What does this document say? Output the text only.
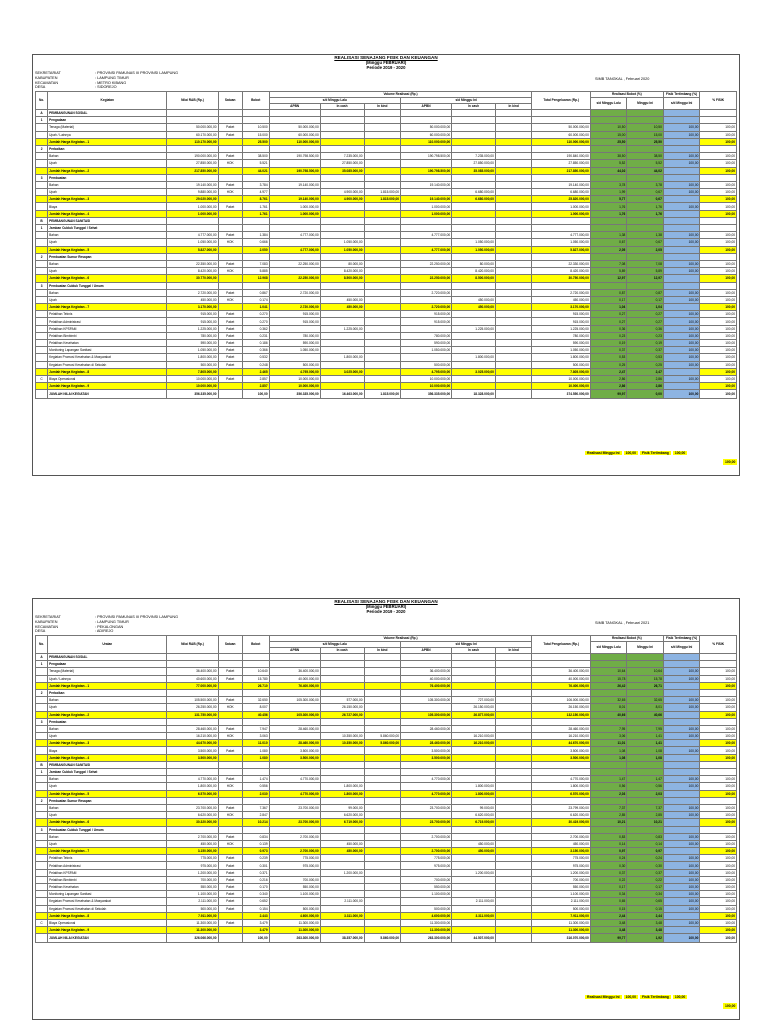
REALISASI SENAJANG FISIK DAN KEUANGAN
(Minggu FEBRUARI)
Periode 2019 - 2020
SEKRETARIAT	: PROVINSI PAMUNAS III PROVINSI LAMPUNG
KABUPATEN	: LAMPUNG TIMUR
KECAMATAN	: METRO KIBANG
DESA	: SIDOREJO
SIMB TANGKAL , Februari 2020
No.	Kegiatan	Nilai RAB (Rp.)	Satuan	Bobot	Volume Realisasi (Rp.)						Total Pengeluaran (Rp.)	Realisasi Bobot (%)		Fisik Tertimbang (%)	% FISIK
					s/d Minggu Lalu			s/d Minggu Ini				s/d Minggu Lalu	Minggu Ini	s/d Minggu Ini	
					APBN	In cash	In kind	APBN	In cash	In kind					
A	PEMBANGUNAN SOSIAL														
1	Pengadaan														
	Tenaga (Material)	50.000.000,00	Paket	10.500	50.000.000,00			50.000.000,00			50.000.000,00	10,50	10,50	100,00	100,00
	Upah / Lainnya	60.170.000,00	Paket	15.000	60.000.000,00			60.000.000,00			60.000.000,00	15,00	15,00	100,00	100,00
	Jumlah Harga Kegiatan - 1	110.170.000,00		25.500	110.000.000,00			110.000.000,00			110.000.000,00	25,50	25,50		100,00
2	Perbaikan														
	Bahan	190.000.000,00	Paket	38.500	190.798.500,00	7.235.000,00		190.798.500,00	7.235.000,00		190.840.000,00	38,50	38,50	100,00	100,00
	Upah	27.850.000,00	HOK	5.521		27.850.000,00			27.850.000,00		27.850.000,00	5,52	5,52	100,00	100,00
	Jumlah Harga Kegiatan - 2	217.850.000,00		44.021	190.798.500,00	35.085.000,00		190.798.500,00	35.085.000,00		217.850.000,00	44,02	44,02		100,00
3	Pembuatan														
	Bahan	19.140.000,00	Paket	3.784	19.140.000,00			19.140.000,00			19.140.000,00	3,78	3,78	100,00	100,00
	Upah	9.880.000,00	HOK	4.977		4.900.000,00	1.815.000,00		6.680.000,00		6.680.000,00	1,99	0,67	100,00	100,00
	Jumlah Harga Kegiatan - 3	29.020.000,00		8.761	19.140.000,00	4.900.000,00	1.815.000,00	19.140.000,00	6.680.000,00		25.820.000,00	5,77	0,67		100,00
	Biaya	1.000.000,00	Paket	1.761	1.000.000,00			1.000.000,00			1.000.000,00	1,76	1,76	100,00	100,00
	Jumlah Harga Kegiatan - 4	1.000.000,00		1.761	1.000.000,00			1.000.000,00			1.000.000,00	1,76	1,76		100,00
B	PEMBANGUNAN SANITASI														
1	Jamban Cubluk Tunggal / Sehat														
	Bahan	4.777.000,00	Paket	1.384	4.777.000,00			4.777.000,00			4.777.000,00	1,38	1,38	100,00	100,00
	Upah	1.050.000,00	HOK	0.666		1.050.000,00			1.050.000,00		1.050.000,00	0,67	0,67	100,00	100,00
	Jumlah Harga Kegiatan - 5	5.827.000,00		2.050	4.777.000,00	1.050.000,00		4.777.000,00	1.050.000,00		5.827.000,00	2,05	2,05		100,00
2	Pembuatan Sumur Resapan														
	Bahan	22.350.000,00	Paket	7.083	22.250.000,00	80.000,00		22.250.000,00	80.000,00		22.330.000,00	7,08	7,08	100,00	100,00
	Upah	8.420.000,00	HOK	5.885		8.420.000,00			8.420.000,00		8.420.000,00	5,89	5,89	100,00	100,00
	Jumlah Harga Kegiatan - 6	30.770.000,00		12.968	22.250.000,00	8.500.000,00		22.250.000,00	8.500.000,00		30.750.000,00	12,97	12,97		100,00
3	Pembuatan Cubluk Tunggal / Umum														
	Bahan	2.720.000,00	Paket	0.867	2.720.000,00			2.720.000,00			2.720.000,00	0,87	0,87	100,00	100,00
	Upah	450.000,00	HOK	0.174		450.000,00			450.000,00		450.000,00	0,17	0,17	100,00	100,00
	Jumlah Harga Kegiatan - 7	3.170.000,00		1.041	2.720.000,00	450.000,00		2.720.000,00	450.000,00		3.170.000,00	1,04	1,04		100,00
	Pelatihan Teknis	915.000,00	Paket	0.270	915.000,00			915.000,00			915.000,00	0,27	0,27	100,00	100,00
	Pelatihan Administrasi	915.000,00	Paket	0.270	915.000,00			915.000,00			915.000,00	0,27	0,27	100,00	100,00
	Pelatihan KPSPAM	1.225.000,00	Paket	0.362		1.225.000,00			1.225.000,00		1.225.000,00	0,36	0,36	100,00	100,00
	Pelatihan Bimbimbi	780.000,00	Paket	0.231	780.000,00			780.000,00			780.000,00	0,23	0,23	100,00	100,00
	Pelatihan Kesehatan	590.000,00	Paket	0.186	590.000,00			590.000,00			590.000,00	0,19	0,19	100,00	100,00
	Monitoring Lapangan Sanitasi	1.050.000,00	Paket	0.366	1.050.000,00			1.050.000,00			1.050.000,00	0,37	0,37	100,00	100,00
	Kegiatan Promosi Kesehatan & Masyarakat	1.800.000,00	Paket	0.532		1.800.000,00			1.800.000,00		1.800.000,00	0,53	0,53	100,00	100,00
	Kegiatan Promosi Kesehatan di Sekolah	500.000,00	Paket	0.248	500.000,00			500.000,00			500.000,00	0,25	0,25	100,00	100,00
	Jumlah Harga Kegiatan - 8	7.805.000,00		2.465	4.795.000,00	3.025.000,00		4.795.000,00	3.025.000,00		7.805.000,00	2,47	2,47		100,00
C	Biaya Operasional	10.000.000,00	Paket	2.857	10.000.000,00			10.000.000,00			10.000.000,00	2,86	2,86	100,00	100,00
	Jumlah Harga Kegiatan - 9	10.000.000,00		2.857	10.000.000,00			10.000.000,00			10.000.000,00	2,86	2,86		100,00
	JUMLAH NILAI KEGIATAN	356.335.000,00		100,00	356.335.000,00	16.463.000,00	1.815.000,00	356.335.000,00	18.328.000,00		374.550.000,00	99,97	0,00	100,00	100,00
Realisasi Minggu Ini 100,00 Fisik Tertimbang 100,00
100,00
REALISASI SENAJANG FISIK DAN KEUANGAN
(Minggu FEBRUARI)
Periode 2019 - 2020
SEKRETARIAT	: PROVINSI PAMUNAS III PROVINSI LAMPUNG
KABUPATEN	: LAMPUNG TIMUR
KECAMATAN	: PEKALONGAN
DESA	: ADIREJO
SIMB TANGKAL , Februari 2021
No.	Uraian	Nilai RAB (Rp.)	Satuan	Bobot	Volume Realisasi (Rp.)						Total Pengeluaran (Rp.)	Realisasi Bobot (%)		Fisik Tertimbang (%)	% FISIK
					s/d Minggu Lalu			s/d Minggu Ini				s/d Minggu Lalu	Minggu Ini	s/d Minggu Ini	
					APBN	In cash	In kind	APBN	In cash	In kind					
A	PEMBANGUNAN SOSIAL														
1	Pengadaan														
	Tenaga (Material)	36.400.000,00	Paket	10.640	36.400.000,00			36.400.000,00			36.400.000,00	10,64	10,64	100,00	100,00
	Upah / Lainnya	40.600.000,00	Paket	15.780	40.000.000,00			40.000.000,00			40.000.000,00	15,78	15,78	100,00	100,00
	Jumlah Harga Kegiatan - 1	77.000.000,00		26.710	76.400.000,00			76.400.000,00			76.400.000,00	26,42	26,71		100,00
2	Perbaikan														
	Bahan	105.500.000,00	Paket	32.650	105.300.000,00	577.000,00		105.300.000,00	727.000,00		106.000.000,00	32,65	32,65	100,00	100,00
	Upah	26.250.000,00	HOK	8.007		26.150.000,00			26.150.000,00		26.150.000,00	8,01	8,01	100,00	100,00
	Jumlah Harga Kegiatan - 2	131.750.000,00		40.456	105.300.000,00	26.727.000,00		105.300.000,00	26.877.000,00		132.150.000,00	40,66	40,66		100,00
3	Pembuatan														
	Bahan	28.460.000,00	Paket	7.947	28.460.000,00			28.460.000,00			28.460.000,00	7,95	7,95	100,00	100,00
	Upah	16.210.000,00	HOK	3.063		10.350.000,00	5.860.000,00		16.210.000,00		16.210.000,00	3,06	1,41	100,00	100,00
	Jumlah Harga Kegiatan - 3	44.670.000,00		11.010	28.460.000,00	10.350.000,00	5.860.000,00	28.460.000,00	16.210.000,00		44.670.000,00	11,01	1,41		100,00
	Biaya	3.500.000,00	Paket	1.080	3.500.000,00			3.500.000,00			3.500.000,00	1,08	1,08	100,00	100,00
	Jumlah Harga Kegiatan - 4	3.500.000,00		1.080	3.500.000,00			3.500.000,00			3.500.000,00	1,08	1,08		100,00
B	PEMBANGUNAN SANITASI														
1	Jamban Cubluk Tunggal / Sehat														
	Bahan	4.770.000,00	Paket	1.474	4.770.000,00			4.770.000,00			4.770.000,00	1,47	1,47	100,00	100,00
	Upah	1.800.000,00	HOK	0.556		1.800.000,00			1.800.000,00		1.800.000,00	0,56	0,56	100,00	100,00
	Jumlah Harga Kegiatan - 5	6.570.000,00		2.030	4.770.000,00	1.800.000,00		4.770.000,00	1.800.000,00		6.570.000,00	2,03	2,03		100,00
2	Pembuatan Sumur Resapan														
	Bahan	23.700.000,00	Paket	7.367	23.700.000,00	99.000,00		23.700.000,00	99.000,00		23.799.000,00	7,37	7,37	100,00	100,00
	Upah	6.620.000,00	HOK	2.847		6.620.000,00			6.620.000,00		6.620.000,00	2,85	2,85	100,00	100,00
	Jumlah Harga Kegiatan - 6	30.320.000,00		10.214	23.700.000,00	6.719.000,00		23.700.000,00	6.719.000,00		30.419.000,00	10,21	10,21		100,00
3	Pembuatan Cubluk Tunggal / Umum														
	Bahan	2.700.000,00	Paket	0.834	2.700.000,00			2.700.000,00			2.700.000,00	0,83	0,83	100,00	100,00
	Upah	450.000,00	HOK	0.139		450.000,00			450.000,00		450.000,00	0,14	0,14	100,00	100,00
	Jumlah Harga Kegiatan - 7	3.150.000,00		0.973	2.700.000,00	450.000,00		2.700.000,00	450.000,00		3.150.000,00	0,97	0,97		100,00
	Pelatihan Teknis	775.000,00	Paket	0.239	775.000,00			775.000,00			775.000,00	0,24	0,24	100,00	100,00
	Pelatihan Administrasi	975.000,00	Paket	0.301	975.000,00			975.000,00			975.000,00	0,30	0,30	100,00	100,00
	Pelatihan KPSPAM	1.200.000,00	Paket	0.371		1.200.000,00			1.200.000,00		1.200.000,00	0,37	0,37	100,00	100,00
	Pelatihan Bimbimbi	700.000,00	Paket	0.216	700.000,00			700.000,00			700.000,00	0,22	0,22	100,00	100,00
	Pelatihan Kesehatan	550.000,00	Paket	0.170	550.000,00			550.000,00			550.000,00	0,17	0,17	100,00	100,00
	Monitoring Lapangan Sanitasi	1.100.000,00	Paket	0.340	1.100.000,00			1.100.000,00			1.100.000,00	0,34	0,34	100,00	100,00
	Kegiatan Promosi Kesehatan & Masyarakat	2.111.000,00	Paket	0.652		2.111.000,00			2.111.000,00		2.111.000,00	0,65	0,65	100,00	100,00
	Kegiatan Promosi Kesehatan di Sekolah	500.000,00	Paket	0.154	500.000,00			500.000,00			500.000,00	0,15	0,15	100,00	100,00
	Jumlah Harga Kegiatan - 8	7.911.000,00		2.443	4.600.000,00	3.311.000,00		4.600.000,00	3.311.000,00		7.911.000,00	2,44	2,44		100,00
C	Biaya Operasional	11.300.000,00	Paket	3.479	11.300.000,00			11.300.000,00			11.300.000,00	3,48	3,48	100,00	100,00
	Jumlah Harga Kegiatan - 9	11.300.000,00		3.479	11.300.000,00			11.300.000,00			11.300.000,00	3,48	3,48		100,00
	JUMLAH NILAI KEGIATAN	326.066.000,00		100,00	263.300.000,00	38.357.000,00	5.860.000,00	263.300.000,00	44.507.000,00		316.070.000,00	99,77	1,92	100,00	100,00
Realisasi Minggu Ini 100,00 Fisik Tertimbang 100,00
100,00
